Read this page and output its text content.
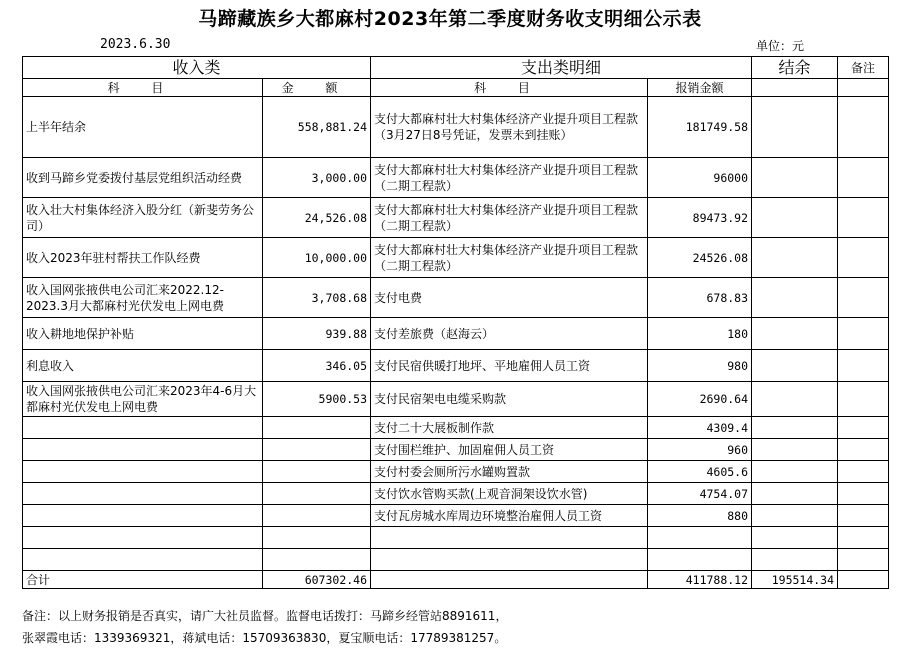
马蹄藏族乡大都麻村2023年第二季度财务收支明细公示表
2023.6.30	单位：元
收入类		支出类明细		结余	备注
科 目	金 额	科 目	报销金额		
上半年结余	558,881.24	支付大都麻村壮大村集体经济产业提升项目工程款（3月27日8号凭证，发票未到挂账）	181749.58		
收到马蹄乡党委拨付基层党组织活动经费	3,000.00	支付大都麻村壮大村集体经济产业提升项目工程款（二期工程款）	96000		
收入壮大村集体经济入股分红（新斐劳务公司）	24,526.08	支付大都麻村壮大村集体经济产业提升项目工程款（二期工程款）	89473.92		
收入2023年驻村帮扶工作队经费	10,000.00	支付大都麻村壮大村集体经济产业提升项目工程款（二期工程款）	24526.08		
收入国网张掖供电公司汇来2022.12-2023.3月大都麻村光伏发电上网电费	3,708.68	支付电费	678.83		
收入耕地地保护补贴	939.88	支付差旅费（赵海云）	180		
利息收入	346.05	支付民宿供暖打地坪、平地雇佣人员工资	980		
收入国网张掖供电公司汇来2023年4-6月大都麻村光伏发电上网电费	5900.53	支付民宿架电电缆采购款	2690.64		
		支付二十大展板制作款	4309.4		
		支付围栏维护、加固雇佣人员工资	960		
		支付村委会厕所污水罐购置款	4605.6		
		支付饮水管购买款(上观音洞架设饮水管)	4754.07		
		支付瓦房城水库周边环境整治雇佣人员工资	880		

合计	607302.46		411788.12	195514.34	
备注：以上财务报销是否真实，请广大社员监督。监督电话拨打：马蹄乡经管站8891611，
张翠霞电话：1339369321，蒋斌电话：15709363830，夏宝顺电话：17789381257。
